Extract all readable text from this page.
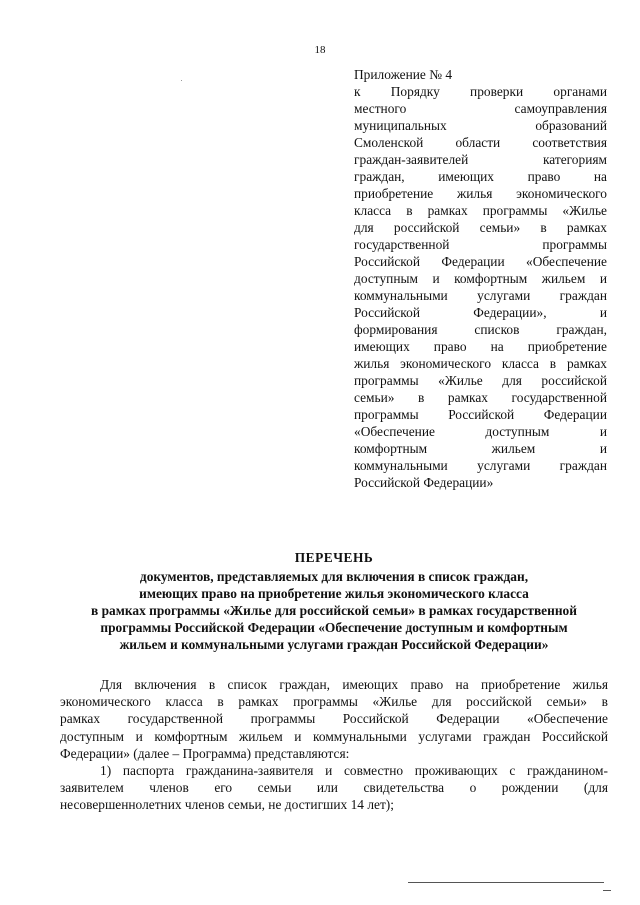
18
Приложение № 4
к Порядку проверки органами
местного самоуправления
муниципальных образований
Смоленской области соответствия
граждан-заявителей категориям
граждан, имеющих право на
приобретение жилья экономического
класса в рамках программы «Жилье
для российской семьи» в рамках
государственной программы
Российской Федерации «Обеспечение
доступным и комфортным жильем и
коммунальными услугами граждан
Российской Федерации», и
формирования списков граждан,
имеющих право на приобретение
жилья экономического класса в рамках
программы «Жилье для российской
семьи» в рамках государственной
программы Российской Федерации
«Обеспечение доступным и
комфортным жильем и
коммунальными услугами граждан
Российской Федерации»
ПЕРЕЧЕНЬ
документов, представляемых для включения в список граждан,
имеющих право на приобретение жилья экономического класса
в рамках программы «Жилье для российской семьи» в рамках государственной
программы Российской Федерации «Обеспечение доступным и комфортным
жильем и коммунальными услугами граждан Российской Федерации»
Для включения в список граждан, имеющих право на приобретение жилья
экономического класса в рамках программы «Жилье для российской семьи» в
рамках государственной программы Российской Федерации «Обеспечение
доступным и комфортным жильем и коммунальными услугами граждан Российской
Федерации» (далее – Программа) представляются:
1) паспорта гражданина-заявителя и совместно проживающих с гражданином-
заявителем членов его семьи или свидетельства о рождении (для
несовершеннолетних членов семьи, не достигших 14 лет);
